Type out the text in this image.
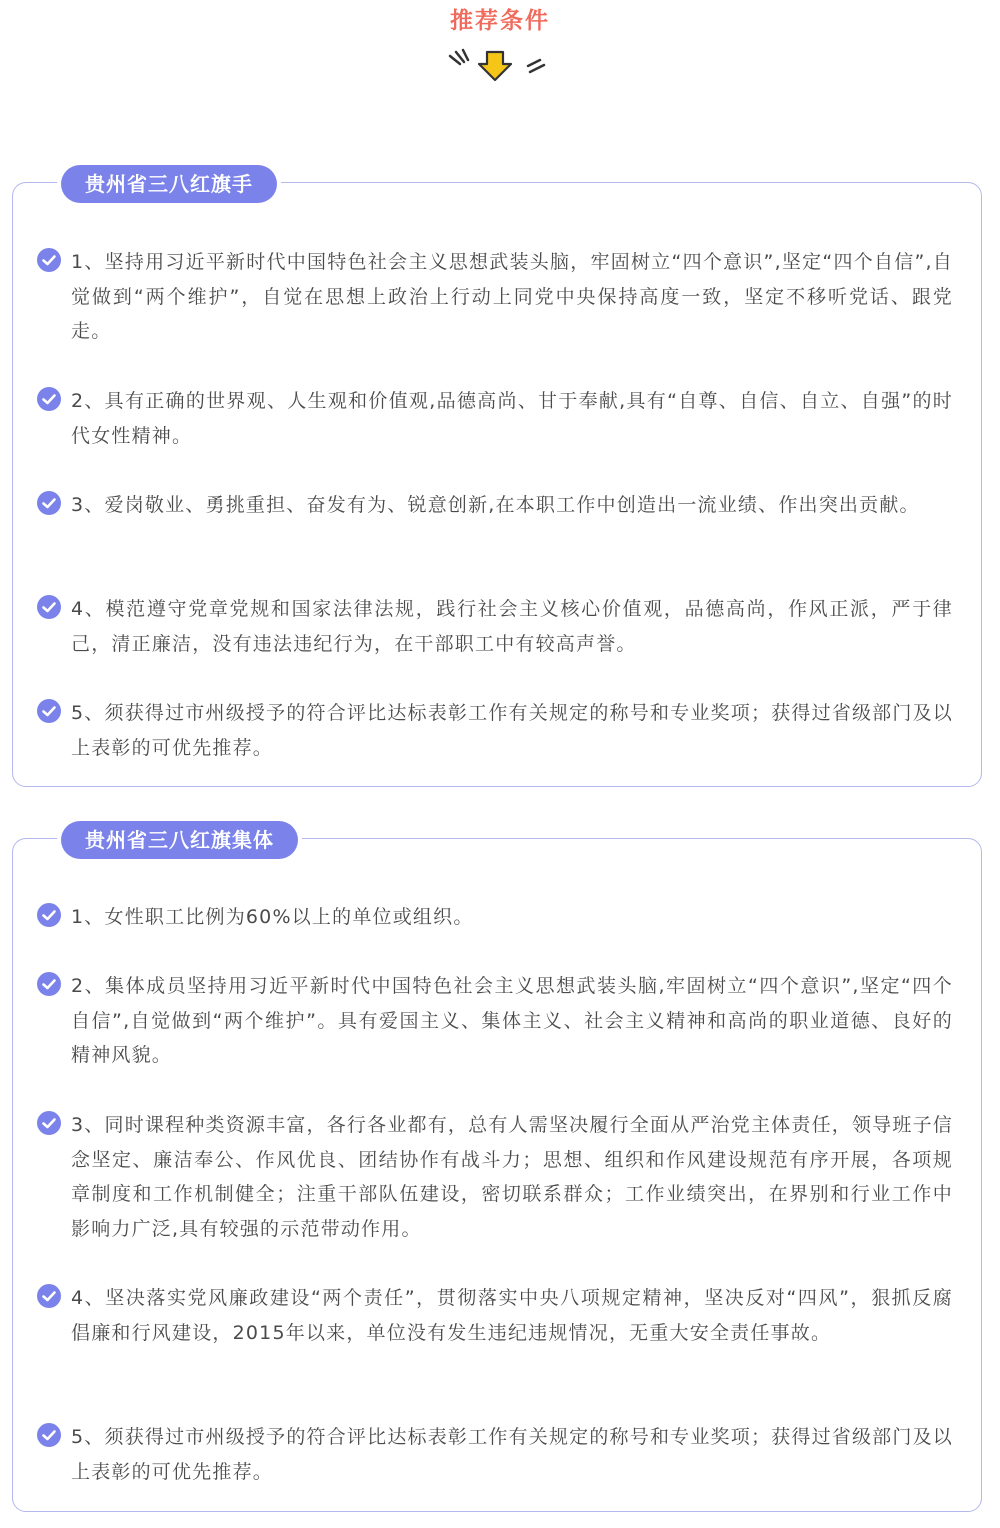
推荐条件
贵州省三八红旗手
1、坚持用习近平新时代中国特色社会主义思想武装头脑，牢固树立“四个意识”,坚定“四个自信”,自觉做到“两个维护”，自觉在思想上政治上行动上同党中央保持高度一致，坚定不移听党话、跟党走。
2、具有正确的世界观、人生观和价值观,品德高尚、甘于奉献,具有“自尊、自信、自立、自强”的时代女性精神。
3、爱岗敬业、勇挑重担、奋发有为、锐意创新,在本职工作中创造出一流业绩、作出突出贡献。
4、模范遵守党章党规和国家法律法规，践行社会主义核心价值观，品德高尚，作风正派，严于律己，清正廉洁，没有违法违纪行为，在干部职工中有较高声誉。
5、须获得过市州级授予的符合评比达标表彰工作有关规定的称号和专业奖项；获得过省级部门及以上表彰的可优先推荐。
贵州省三八红旗集体
1、女性职工比例为60%以上的单位或组织。
2、集体成员坚持用习近平新时代中国特色社会主义思想武装头脑,牢固树立“四个意识”,坚定“四个自信”,自觉做到“两个维护”。具有爱国主义、集体主义、社会主义精神和高尚的职业道德、良好的精神风貌。
3、同时课程种类资源丰富，各行各业都有，总有人需坚决履行全面从严治党主体责任，领导班子信念坚定、廉洁奉公、作风优良、团结协作有战斗力；思想、组织和作风建设规范有序开展，各项规章制度和工作机制健全；注重干部队伍建设，密切联系群众；工作业绩突出，在界别和行业工作中影响力广泛,具有较强的示范带动作用。
4、坚决落实党风廉政建设“两个责任”，贯彻落实中央八项规定精神，坚决反对“四风”，狠抓反腐倡廉和行风建设，2015年以来，单位没有发生违纪违规情况，无重大安全责任事故。
5、须获得过市州级授予的符合评比达标表彰工作有关规定的称号和专业奖项；获得过省级部门及以上表彰的可优先推荐。
